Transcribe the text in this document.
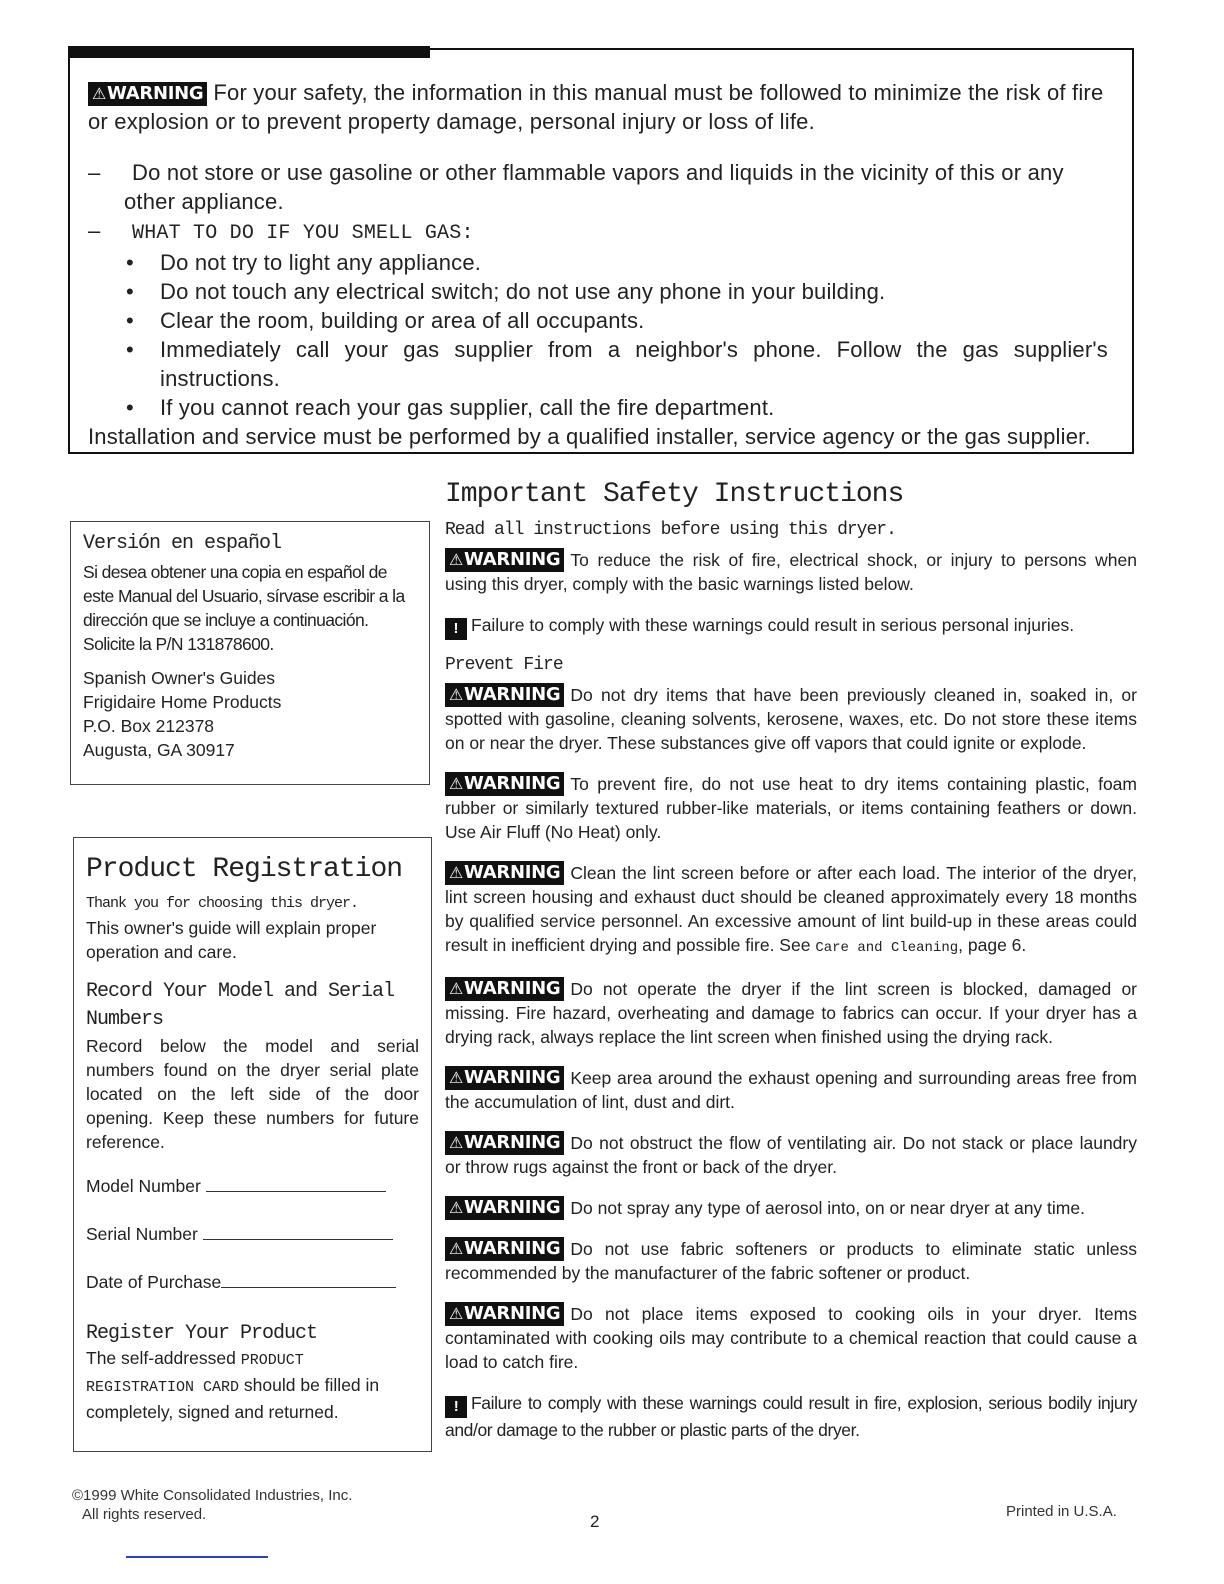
⚠WARNING For your safety, the information in this manual must be followed to minimize the risk of fire or explosion or to prevent property damage, personal injury or loss of life.
–     Do not store or use gasoline or other flammable vapors and liquids in the vicinity of this or any other appliance.
–     WHAT TO DO IF YOU SMELL GAS:
• Do not try to light any appliance.
• Do not touch any electrical switch; do not use any phone in your building.
• Clear the room, building or area of all occupants.
• Immediately call your gas supplier from a neighbor's phone. Follow the gas supplier's instructions.
• If you cannot reach your gas supplier, call the fire department.
Installation and service must be performed by a qualified installer, service agency or the gas supplier.
Versión en español
Si desea obtener una copia en español de este Manual del Usuario, sírvase escribir a la dirección que se incluye a continuación. Solicite la P/N 131878600.
Spanish Owner's Guides
Frigidaire Home Products
P.O. Box 212378
Augusta, GA 30917
Product Registration
Thank you for choosing this dryer.
This owner's guide will explain proper operation and care.
Record Your Model and Serial Numbers
Record below the model and serial numbers found on the dryer serial plate located on the left side of the door opening. Keep these numbers for future reference.
Model Number
Serial Number
Date of Purchase
Register Your Product
The self-addressed PRODUCT REGISTRATION CARD should be filled in completely, signed and returned.
©1999 White Consolidated Industries, Inc.
All rights reserved.
Important Safety Instructions
Read all instructions before using this dryer.

⚠WARNING To reduce the risk of fire, electrical shock, or injury to persons when using this dryer, comply with the basic warnings listed below.

! Failure to comply with these warnings could result in serious personal injuries.

Prevent Fire

⚠WARNING Do not dry items that have been previously cleaned in, soaked in, or spotted with gasoline, cleaning solvents, kerosene, waxes, etc. Do not store these items on or near the dryer. These substances give off vapors that could ignite or explode.

⚠WARNING To prevent fire, do not use heat to dry items containing plastic, foam rubber or similarly textured rubber-like materials, or items containing feathers or down. Use Air Fluff (No Heat) only.

⚠WARNING Clean the lint screen before or after each load. The interior of the dryer, lint screen housing and exhaust duct should be cleaned approximately every 18 months by qualified service personnel. An excessive amount of lint build-up in these areas could result in inefficient drying and possible fire. See Care and Cleaning, page 6.

⚠WARNING Do not operate the dryer if the lint screen is blocked, damaged or missing. Fire hazard, overheating and damage to fabrics can occur. If your dryer has a drying rack, always replace the lint screen when finished using the drying rack.

⚠WARNING Keep area around the exhaust opening and surrounding areas free from the accumulation of lint, dust and dirt.

⚠WARNING Do not obstruct the flow of ventilating air. Do not stack or place laundry or throw rugs against the front or back of the dryer.

⚠WARNING Do not spray any type of aerosol into, on or near dryer at any time.

⚠WARNING Do not use fabric softeners or products to eliminate static unless recommended by the manufacturer of the fabric softener or product.

⚠WARNING Do not place items exposed to cooking oils in your dryer. Items contaminated with cooking oils may contribute to a chemical reaction that could cause a load to catch fire.

! Failure to comply with these warnings could result in fire, explosion, serious bodily injury and/or damage to the rubber or plastic parts of the dryer.

2
Printed in U.S.A.
